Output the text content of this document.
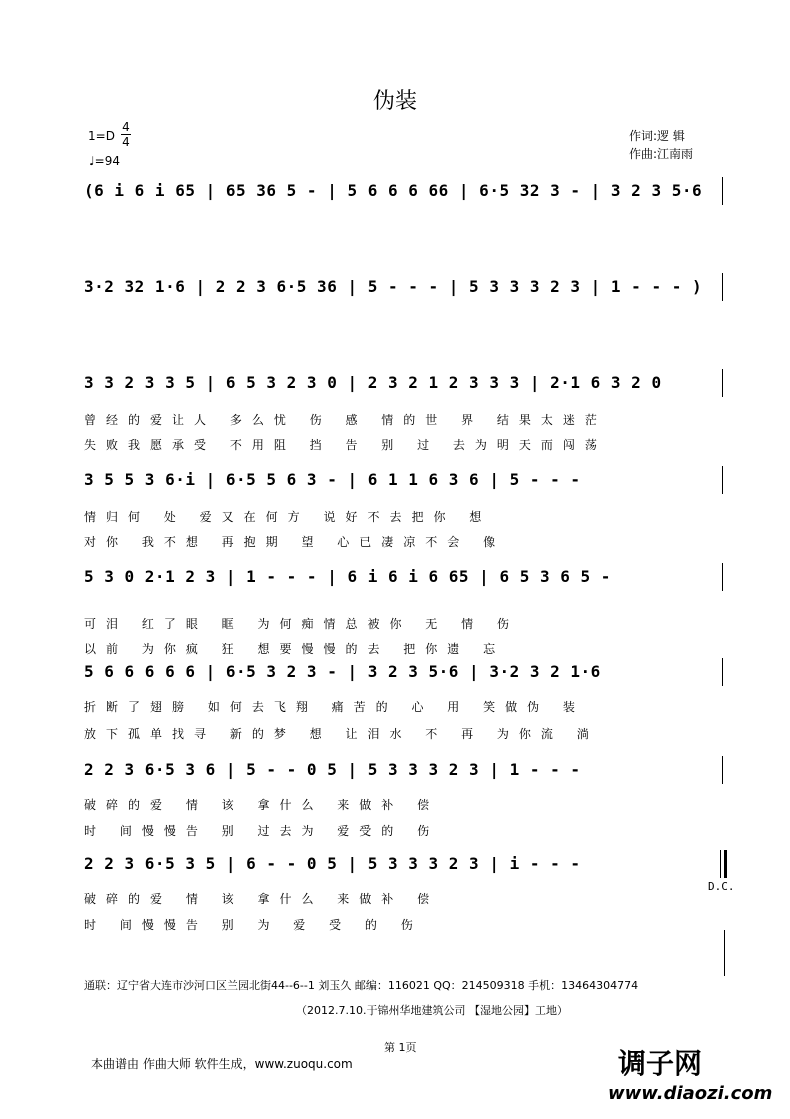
伪装
1=D
4
4
♩=94
作词:逻 辑
作曲:江南雨
(6 i 6 i 65 | 65 36 5 - | 5 6 6 6 66 | 6·5 32 3 - | 3 2 3 5·6
3·2 32 1·6 | 2 2 3 6·5 36 | 5 - - - | 5 3 3 3 2 3 | 1 - - - )
3 3 2 3 3 5 | 6 5 3 2 3 0 | 2 3 2 1 2 3 3 3 | 2·1 6 3 2 0
曾经的爱让人 多么忧 伤 感 情的世 界 结果太迷茫
失败我愿承受 不用阻 挡 告 别 过 去为明天而闯荡
3 5 5 3 6·i | 6·5 5 6 3 - | 6 1 1 6 3 6 | 5 - - -
情归何 处 爱又在何方 说好不去把你 想
对你 我不想 再抱期 望 心已凄凉不会 像
5 3 0 2·1 2 3 | 1 - - - | 6 i 6 i 6 65 | 6 5 3 6 5 -
可泪 红了眼 眶 为何痴情总被你 无 情 伤
以前 为你疯 狂 想要慢慢的去 把你遗 忘
5 6 6 6 6 6 | 6·5 3 2 3 - | 3 2 3 5·6 | 3·2 3 2 1·6
折断了翅膀 如何去飞翔 痛苦的 心 用 笑做伪 装
放下孤单找寻 新的梦 想 让泪水 不 再 为你流 淌
2 2 3 6·5 3 6 | 5 - - 0 5 | 5 3 3 3 2 3 | 1 - - -
破碎的爱 情 该 拿什么 来做补 偿
时 间慢慢告 别 过去为 爱受的 伤
2 2 3 6·5 3 5 | 6 - - 0 5 | 5 3 3 3 2 3 | i - - -
D.C.
破碎的爱 情 该 拿什么 来做补 偿
时 间慢慢告 别 为 爱 受 的 伤
通联：辽宁省大连市沙河口区兰园北街44--6--1 刘玉久 邮编：116021 QQ：214509318 手机：13464304774
（2012.7.10.于锦州华地建筑公司 【湿地公园】工地）
第 1页
本曲谱由 作曲大师 软件生成，www.zuoqu.com	调子网
www.diaozi.com
